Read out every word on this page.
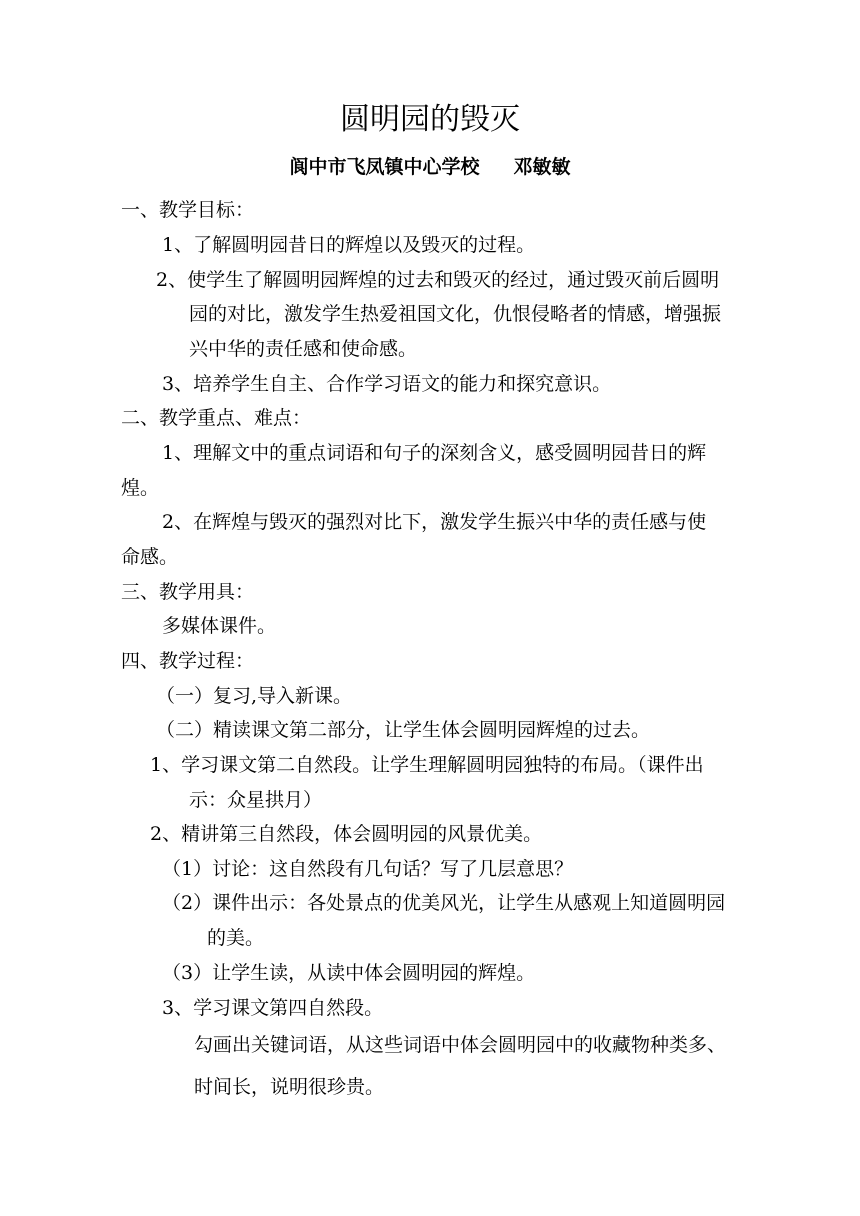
圆明园的毁灭
阆中市飞凤镇中心学校 邓敏敏
一、教学目标：
1、了解圆明园昔日的辉煌以及毁灭的过程。
2、使学生了解圆明园辉煌的过去和毁灭的经过，通过毁灭前后圆明
园的对比，激发学生热爱祖国文化，仇恨侵略者的情感，增强振
兴中华的责任感和使命感。
3、培养学生自主、合作学习语文的能力和探究意识。
二、教学重点、难点：
1、理解文中的重点词语和句子的深刻含义，感受圆明园昔日的辉
煌。
2、在辉煌与毁灭的强烈对比下，激发学生振兴中华的责任感与使
命感。
三、教学用具：
多媒体课件。
四、教学过程：
（一）复习,导入新课。
（二）精读课文第二部分，让学生体会圆明园辉煌的过去。
1、学习课文第二自然段。让学生理解圆明园独特的布局。（课件出
示：众星拱月）
2、精讲第三自然段，体会圆明园的风景优美。
（1）讨论：这自然段有几句话？写了几层意思？
（2）课件出示：各处景点的优美风光，让学生从感观上知道圆明园
的美。
（3）让学生读，从读中体会圆明园的辉煌。
3、学习课文第四自然段。
勾画出关键词语，从这些词语中体会圆明园中的收藏物种类多、
时间长，说明很珍贵。
